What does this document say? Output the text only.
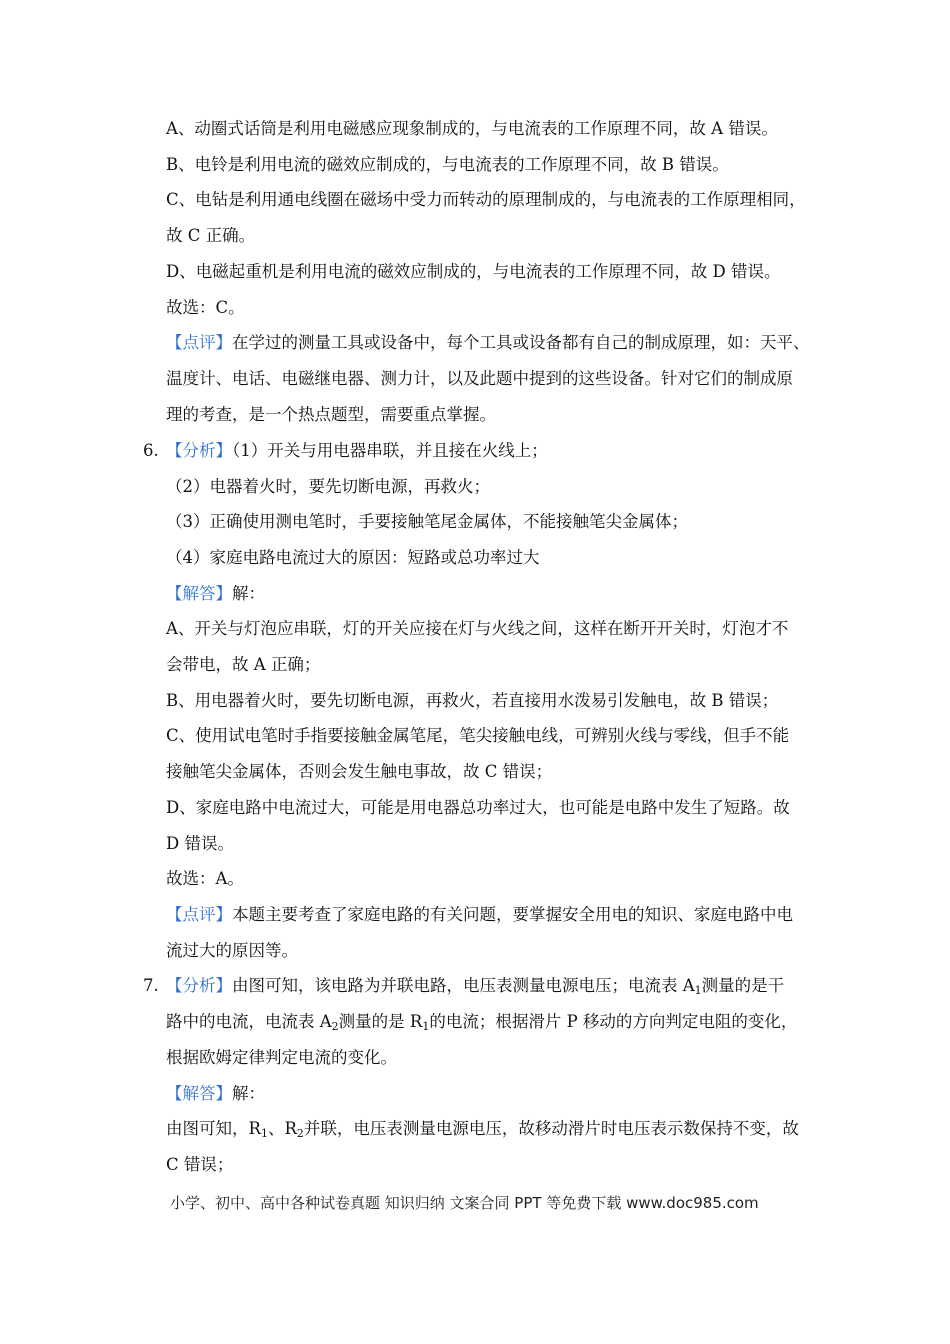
A、动圈式话筒是利用电磁感应现象制成的，与电流表的工作原理不同，故 A 错误。
B、电铃是利用电流的磁效应制成的，与电流表的工作原理不同，故 B 错误。
C、电钻是利用通电线圈在磁场中受力而转动的原理制成的，与电流表的工作原理相同，
故 C 正确。
D、电磁起重机是利用电流的磁效应制成的，与电流表的工作原理不同，故 D 错误。
故选：C。
【点评】在学过的测量工具或设备中，每个工具或设备都有自己的制成原理，如：天平、
温度计、电话、电磁继电器、测力计，以及此题中提到的这些设备。针对它们的制成原
理的考查，是一个热点题型，需要重点掌握。
6. 【分析】（1）开关与用电器串联，并且接在火线上；
（2）电器着火时，要先切断电源，再救火；
（3）正确使用测电笔时，手要接触笔尾金属体，不能接触笔尖金属体；
（4）家庭电路电流过大的原因：短路或总功率过大
【解答】解：
A、开关与灯泡应串联，灯的开关应接在灯与火线之间，这样在断开开关时，灯泡才不
会带电，故 A 正确；
B、用电器着火时，要先切断电源，再救火，若直接用水泼易引发触电，故 B 错误；
C、使用试电笔时手指要接触金属笔尾，笔尖接触电线，可辨别火线与零线，但手不能
接触笔尖金属体，否则会发生触电事故，故 C 错误；
D、家庭电路中电流过大，可能是用电器总功率过大，也可能是电路中发生了短路。故
D 错误。
故选：A。
【点评】本题主要考查了家庭电路的有关问题，要掌握安全用电的知识、家庭电路中电
流过大的原因等。
7. 【分析】由图可知，该电路为并联电路，电压表测量电源电压；电流表 $A_1$测量的是干
路中的电流，电流表 $A_2$测量的是 $R_1$的电流；根据滑片 P 移动的方向判定电阻的变化，
根据欧姆定律判定电流的变化。
【解答】解：
由图可知，$R_1$、$R_2$并联，电压表测量电源电压，故移动滑片时电压表示数保持不变，故
C 错误；
小学、初中、高中各种试卷真题 知识归纳 文案合同 PPT 等免费下载 www.doc985.com
